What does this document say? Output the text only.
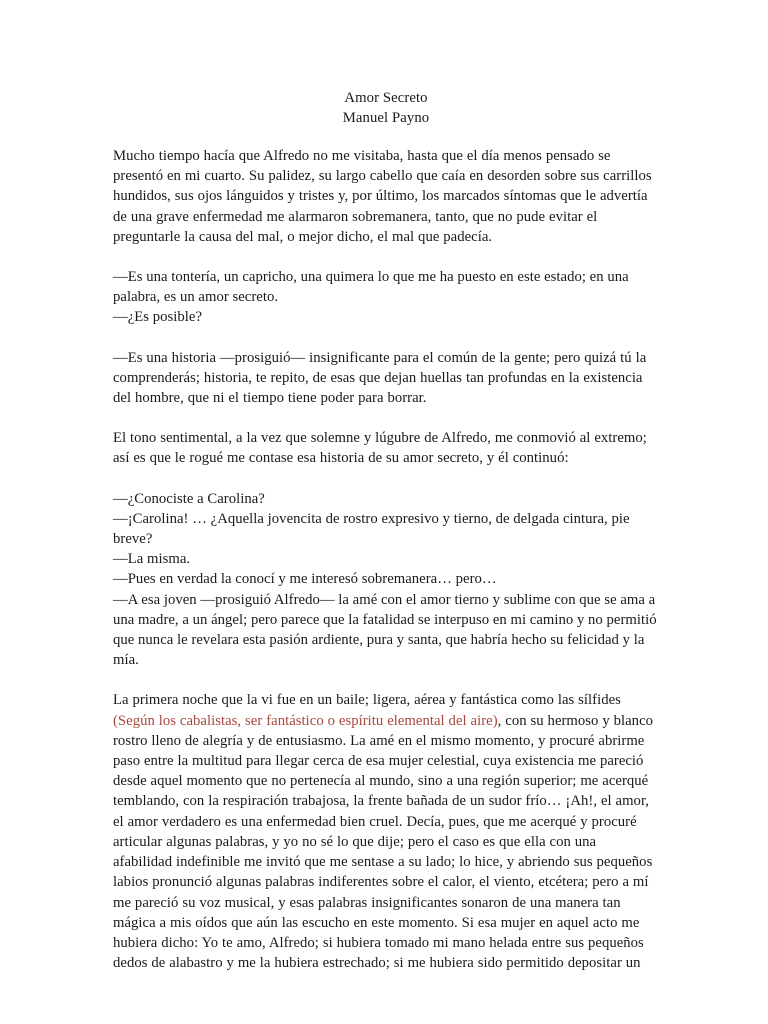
Amor Secreto
Manuel Payno

Mucho tiempo hacía que Alfredo no me visitaba, hasta que el día menos pensado se presentó en mi cuarto. Su palidez, su largo cabello que caía en desorden sobre sus carrillos hundidos, sus ojos lánguidos y tristes y, por último, los marcados síntomas que le advertía de una grave enfermedad me alarmaron sobremanera, tanto, que no pude evitar el preguntarle la causa del mal, o mejor dicho, el mal que padecía.

—Es una tontería, un capricho, una quimera lo que me ha puesto en este estado; en una palabra, es un amor secreto.

—¿Es posible?

—Es una historia —prosiguió— insignificante para el común de la gente; pero quizá tú la comprenderás; historia, te repito, de esas que dejan huellas tan profundas en la existencia del hombre, que ni el tiempo tiene poder para borrar.

El tono sentimental, a la vez que solemne y lúgubre de Alfredo, me conmovió al extremo; así es que le rogué me contase esa historia de su amor secreto, y él continuó:

—¿Conociste a Carolina?

—¡Carolina! … ¿Aquella jovencita de rostro expresivo y tierno, de delgada cintura, pie breve?

—La misma.

—Pues en verdad la conocí y me interesó sobremanera… pero…

—A esa joven —prosiguió Alfredo— la amé con el amor tierno y sublime con que se ama a una madre, a un ángel; pero parece que la fatalidad se interpuso en mi camino y no permitió que nunca le revelara esta pasión ardiente, pura y santa, que habría hecho su felicidad y la mía.

La primera noche que la vi fue en un baile; ligera, aérea y fantástica como las sílfides (Según los cabalistas, ser fantástico o espíritu elemental del aire), con su hermoso y blanco rostro lleno de alegría y de entusiasmo. La amé en el mismo momento, y procuré abrirme paso entre la multitud para llegar cerca de esa mujer celestial, cuya existencia me pareció desde aquel momento que no pertenecía al mundo, sino a una región superior; me acerqué temblando, con la respiración trabajosa, la frente bañada de un sudor frío… ¡Ah!, el amor, el amor verdadero es una enfermedad bien cruel. Decía, pues, que me acerqué y procuré articular algunas palabras, y yo no sé lo que dije; pero el caso es que ella con una afabilidad indefinible me invitó que me sentase a su lado; lo hice, y abriendo sus pequeños labios pronunció algunas palabras indiferentes sobre el calor, el viento, etcétera; pero a mí me pareció su voz musical, y esas palabras insignificantes sonaron de una manera tan mágica a mis oídos que aún las escucho en este momento. Si esa mujer en aquel acto me hubiera dicho: Yo te amo, Alfredo; si hubiera tomado mi mano helada entre sus pequeños dedos de alabastro y me la hubiera estrechado; si me hubiera sido permitido depositar un
